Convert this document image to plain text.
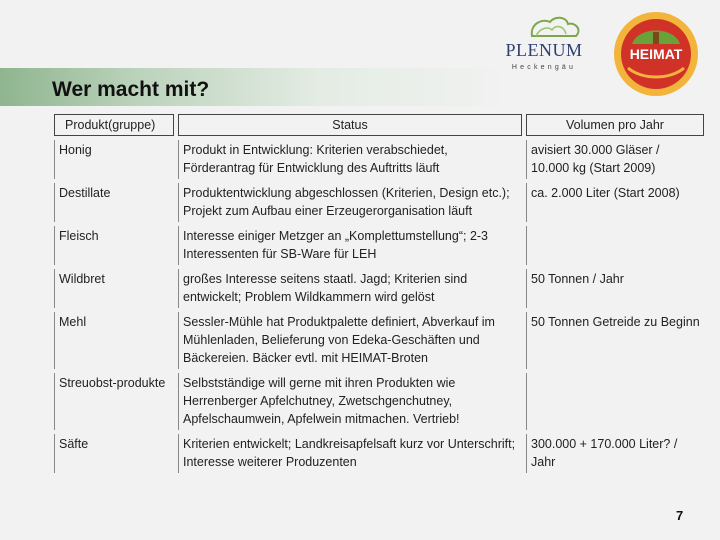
Wer macht mit?
PLENUM
Heckengäu
HEIMAT
Produkt(gruppe)	Status	Volumen pro Jahr
Honig	Produkt in Entwicklung: Kriterien verabschiedet, Förderantrag für Entwicklung des Auftritts läuft	avisiert 30.000 Gläser / 10.000 kg (Start 2009)
Destillate	Produktentwicklung abgeschlossen (Kriterien, Design etc.); Projekt zum Aufbau einer Erzeugerorganisation läuft	ca. 2.000 Liter (Start 2008)
Fleisch	Interesse einiger Metzger an „Komplettumstellung“; 2-3 Interessenten für SB-Ware für LEH	
Wildbret	großes Interesse seitens staatl. Jagd; Kriterien sind entwickelt; Problem Wildkammern wird gelöst	50 Tonnen / Jahr
Mehl	Sessler-Mühle hat Produktpalette definiert, Abverkauf im Mühlenladen, Belieferung von Edeka-Geschäften und Bäckereien. Bäcker evtl. mit HEIMAT-Broten	50 Tonnen Getreide zu Beginn
Streuobst-produkte	Selbstständige will gerne mit ihren Produkten wie Herrenberger Apfelchutney, Zwetschgenchutney, Apfelschaumwein, Apfelwein mitmachen. Vertrieb!	
Säfte	Kriterien entwickelt; Landkreisapfelsaft kurz vor Unterschrift; Interesse weiterer Produzenten	300.000 + 170.000 Liter? / Jahr
7
